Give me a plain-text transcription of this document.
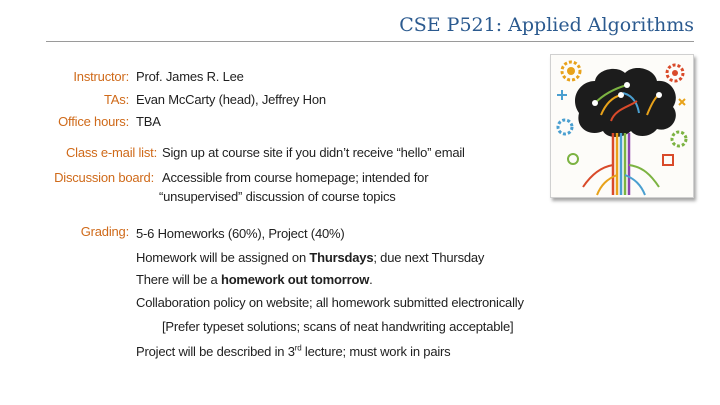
CSE P521: Applied Algorithms
Instructor: Prof. James R. Lee
TAs: Evan McCarty (head), Jeffrey Hon
Office hours: TBA
Class e-mail list: Sign up at course site if you didn’t receive “hello” email
Discussion board: Accessible from course homepage; intended for
“unsupervised” discussion of course topics
Grading: 5-6 Homeworks (60%), Project (40%)
Homework will be assigned on Thursdays; due next Thursday
There will be a homework out tomorrow.
Collaboration policy on website; all homework submitted electronically
[Prefer typeset solutions; scans of neat handwriting acceptable]
Project will be described in 3rd lecture; must work in pairs
